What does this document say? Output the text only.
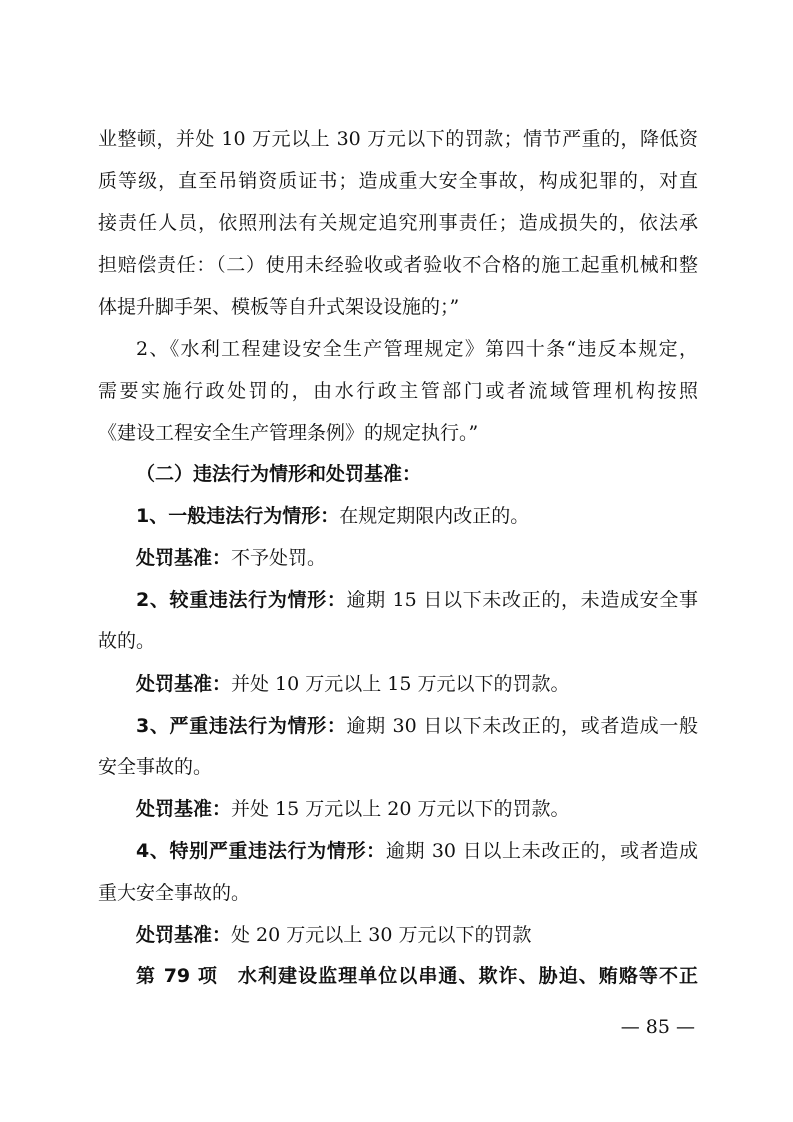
业整顿，并处 10 万元以上 30 万元以下的罚款；情节严重的，降低资
质等级，直至吊销资质证书；造成重大安全事故，构成犯罪的，对直
接责任人员，依照刑法有关规定追究刑事责任；造成损失的，依法承
担赔偿责任：（二）使用未经验收或者验收不合格的施工起重机械和整
体提升脚手架、模板等自升式架设设施的；”
2、《水利工程建设安全生产管理规定》第四十条“违反本规定，
需要实施行政处罚的，由水行政主管部门或者流域管理机构按照
《建设工程安全生产管理条例》的规定执行。”
（二）违法行为情形和处罚基准：
1、一般违法行为情形：在规定期限内改正的。
处罚基准：不予处罚。
2、较重违法行为情形：逾期 15 日以下未改正的，未造成安全事
故的。
处罚基准：并处 10 万元以上 15 万元以下的罚款。
3、严重违法行为情形：逾期 30 日以下未改正的，或者造成一般
安全事故的。
处罚基准：并处 15 万元以上 20 万元以下的罚款。
4、特别严重违法行为情形：逾期 30 日以上未改正的，或者造成
重大安全事故的。
处罚基准：处 20 万元以上 30 万元以下的罚款
第 79 项　水利建设监理单位以串通、欺诈、胁迫、贿赂等不正
— 85 —
